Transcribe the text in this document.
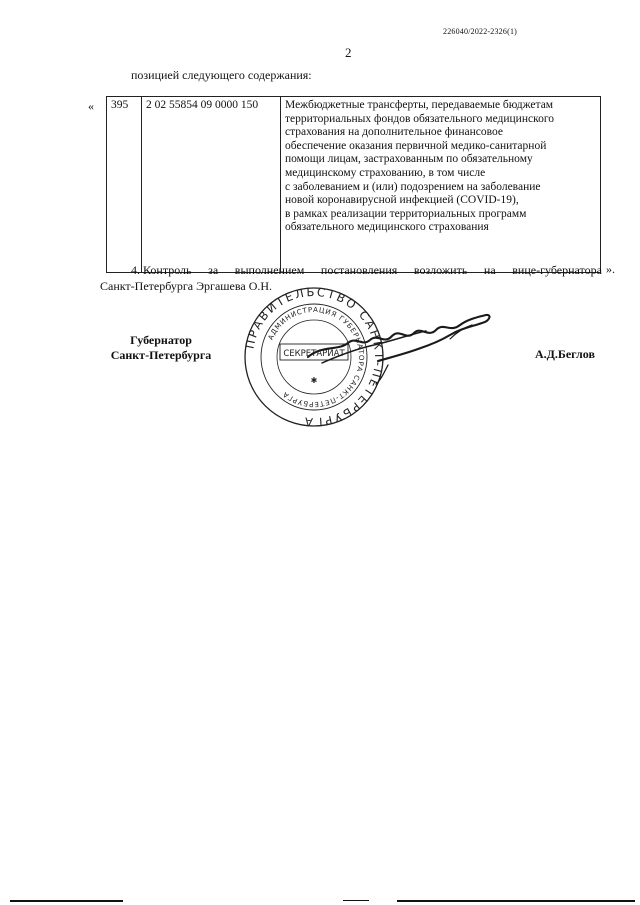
226040/2022-2326(1)
2
позицией следующего содержания:
« 395	2 02 55854 09 0000 150	Межбюджетные трансферты, передаваемые бюджетам
территориальных фондов обязательного медицинского
страхования на дополнительное финансовое
обеспечение оказания первичной медико-санитарной
помощи лицам, застрахованным по обязательному
медицинскому страхованию, в том числе
с заболеванием и (или) подозрением на заболевание
новой коронавирусной инфекцией (COVID-19),
в рамках реализации территориальных программ
обязательного медицинского страхования
».
4. Контроль за выполнением постановления возложить на вице-губернатора
Санкт-Петербурга Эргашева О.Н.
ПРАВИТЕЛЬСТВО САН ПЕТЕРБУРГА
АДМИНИСТРАЦИЯ ГУБЕРНАТОРА САНКТ-ПЕТЕРБУРГА
СЕКРЕТАРИАТ
✱
Губернатор
Санкт-Петербурга	А.Д.Беглов
